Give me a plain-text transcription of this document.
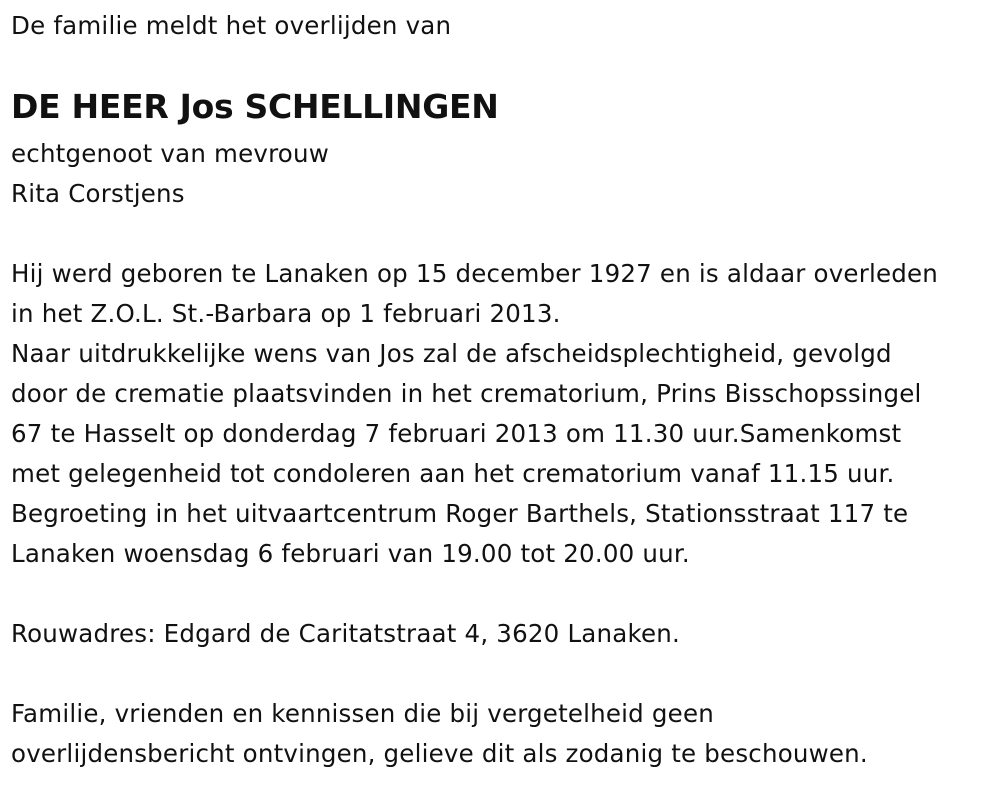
De familie meldt het overlijden van
DE HEER Jos SCHELLINGEN
echtgenoot van mevrouw
Rita Corstjens
Hij werd geboren te Lanaken op 15 december 1927 en is aldaar overleden
in het Z.O.L. St.-Barbara op 1 februari 2013.
Naar uitdrukkelijke wens van Jos zal de afscheidsplechtigheid, gevolgd
door de crematie plaatsvinden in het crematorium, Prins Bisschopssingel
67 te Hasselt op donderdag 7 februari 2013 om 11.30 uur.Samenkomst
met gelegenheid tot condoleren aan het crematorium vanaf 11.15 uur.
Begroeting in het uitvaartcentrum Roger Barthels, Stationsstraat 117 te
Lanaken woensdag 6 februari van 19.00 tot 20.00 uur.
Rouwadres: Edgard de Caritatstraat 4, 3620 Lanaken.
Familie, vrienden en kennissen die bij vergetelheid geen
overlijdensbericht ontvingen, gelieve dit als zodanig te beschouwen.
